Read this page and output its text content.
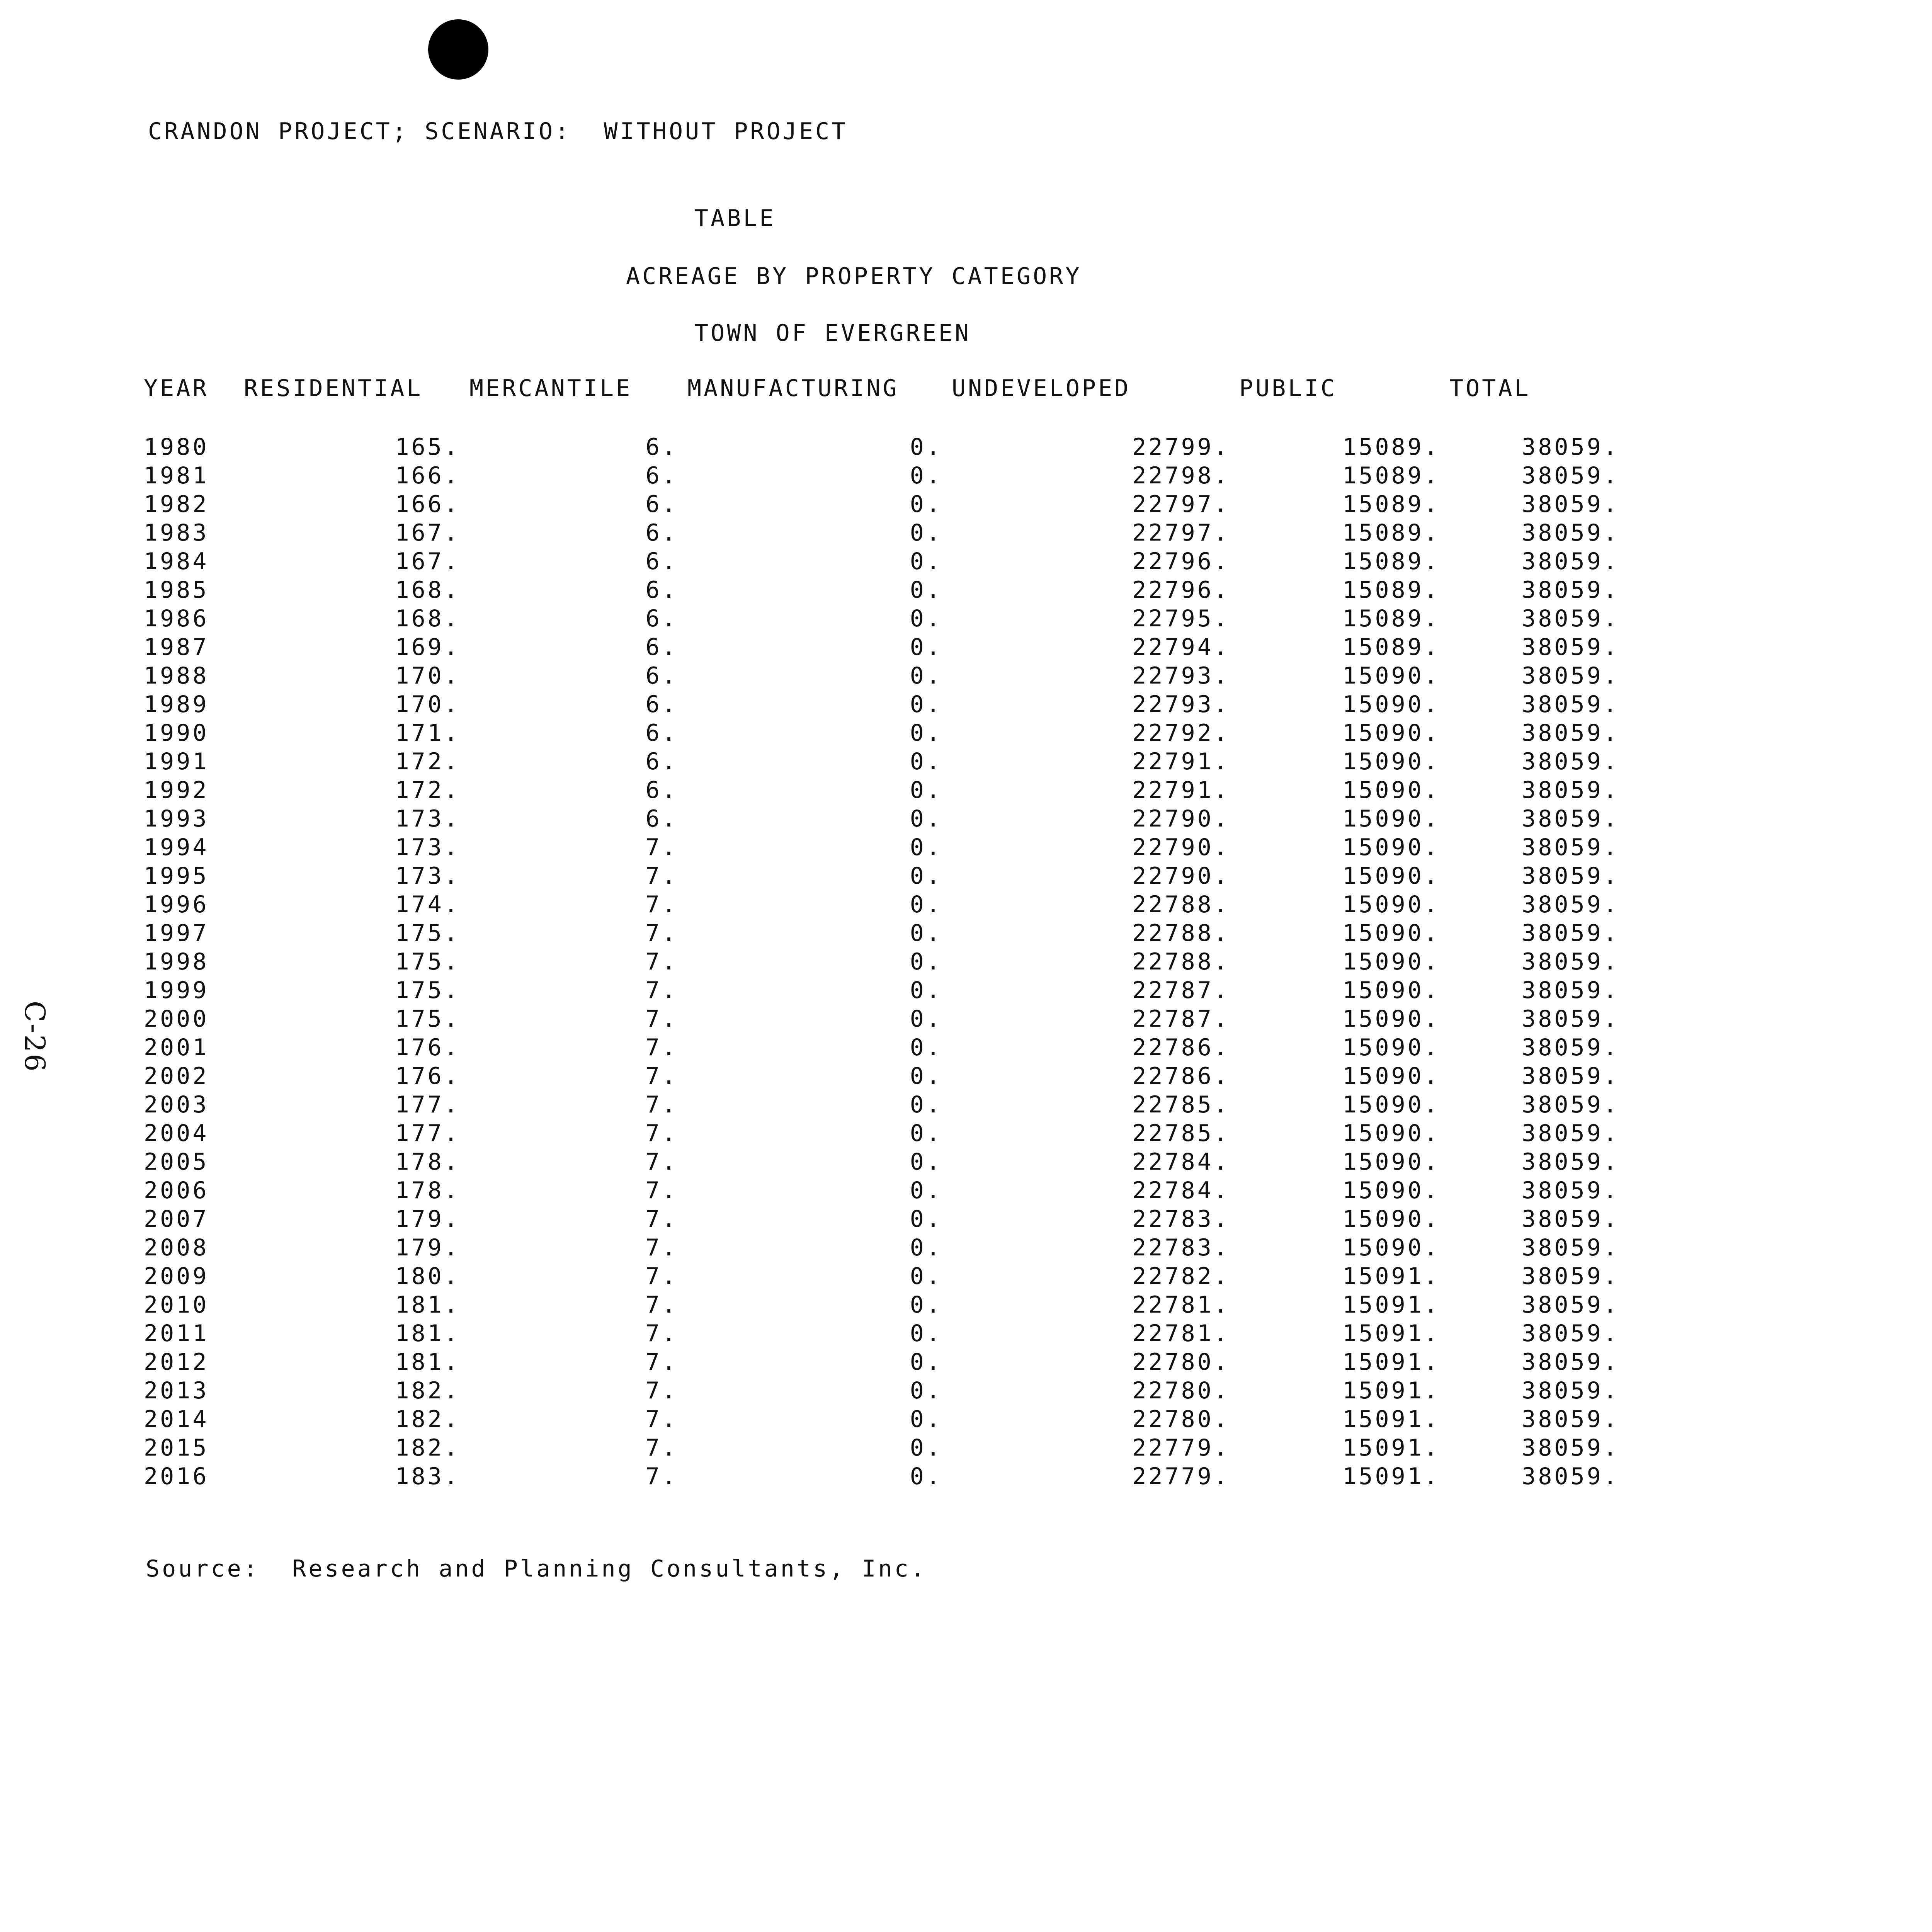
CRANDON PROJECT; SCENARIO:  WITHOUT PROJECT
TABLE
ACREAGE BY PROPERTY CATEGORY
TOWN OF EVERGREEN
YEAR	RESIDENTIAL	MERCANTILE	MANUFACTURING	UNDEVELOPED	PUBLIC	TOTAL
1980	165.	6.	0.	22799.	15089.	38059.
1981	166.	6.	0.	22798.	15089.	38059.
1982	166.	6.	0.	22797.	15089.	38059.
1983	167.	6.	0.	22797.	15089.	38059.
1984	167.	6.	0.	22796.	15089.	38059.
1985	168.	6.	0.	22796.	15089.	38059.
1986	168.	6.	0.	22795.	15089.	38059.
1987	169.	6.	0.	22794.	15089.	38059.
1988	170.	6.	0.	22793.	15090.	38059.
1989	170.	6.	0.	22793.	15090.	38059.
1990	171.	6.	0.	22792.	15090.	38059.
1991	172.	6.	0.	22791.	15090.	38059.
1992	172.	6.	0.	22791.	15090.	38059.
1993	173.	6.	0.	22790.	15090.	38059.
1994	173.	7.	0.	22790.	15090.	38059.
1995	173.	7.	0.	22790.	15090.	38059.
1996	174.	7.	0.	22788.	15090.	38059.
1997	175.	7.	0.	22788.	15090.	38059.
1998	175.	7.	0.	22788.	15090.	38059.
1999	175.	7.	0.	22787.	15090.	38059.
2000	175.	7.	0.	22787.	15090.	38059.
2001	176.	7.	0.	22786.	15090.	38059.
2002	176.	7.	0.	22786.	15090.	38059.
2003	177.	7.	0.	22785.	15090.	38059.
2004	177.	7.	0.	22785.	15090.	38059.
2005	178.	7.	0.	22784.	15090.	38059.
2006	178.	7.	0.	22784.	15090.	38059.
2007	179.	7.	0.	22783.	15090.	38059.
2008	179.	7.	0.	22783.	15090.	38059.
2009	180.	7.	0.	22782.	15091.	38059.
2010	181.	7.	0.	22781.	15091.	38059.
2011	181.	7.	0.	22781.	15091.	38059.
2012	181.	7.	0.	22780.	15091.	38059.
2013	182.	7.	0.	22780.	15091.	38059.
2014	182.	7.	0.	22780.	15091.	38059.
2015	182.	7.	0.	22779.	15091.	38059.
2016	183.	7.	0.	22779.	15091.	38059.
Source:  Research and Planning Consultants, Inc.
C-26
